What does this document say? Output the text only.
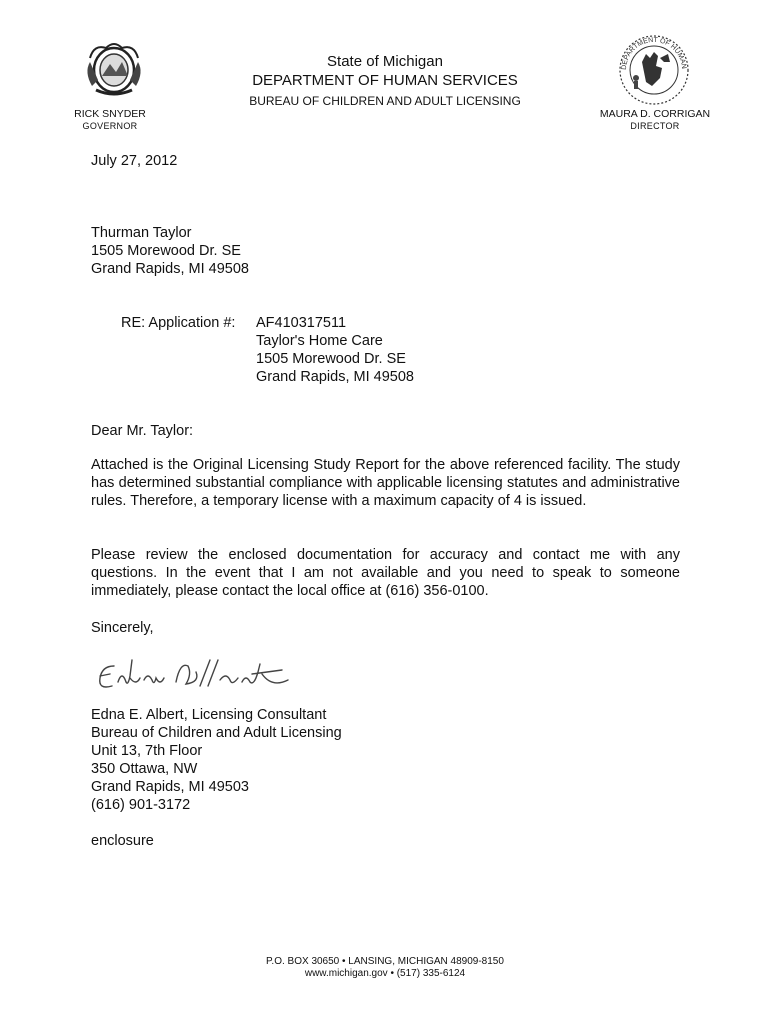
DEPARTMENT OF HUMAN
State of Michigan
DEPARTMENT OF HUMAN SERVICES
BUREAU OF CHILDREN AND ADULT LICENSING
RICK SNYDER
GOVERNOR
MAURA D. CORRIGAN
DIRECTOR
July 27, 2012
Thurman Taylor
1505 Morewood Dr. SE
Grand Rapids, MI 49508
RE: Application #: AF410317511
Taylor's Home Care
1505 Morewood Dr. SE
Grand Rapids, MI 49508
Dear Mr. Taylor:
Attached is the Original Licensing Study Report for the above referenced facility. The study has determined substantial compliance with applicable licensing statutes and administrative rules. Therefore, a temporary license with a maximum capacity of 4 is issued.
Please review the enclosed documentation for accuracy and contact me with any questions. In the event that I am not available and you need to speak to someone immediately, please contact the local office at (616) 356-0100.
Sincerely,
Edna E. Albert, Licensing Consultant
Bureau of Children and Adult Licensing
Unit 13, 7th Floor
350 Ottawa, NW
Grand Rapids, MI 49503
(616) 901-3172
enclosure
P.O. BOX 30650 • LANSING, MICHIGAN 48909-8150
www.michigan.gov • (517) 335-6124
